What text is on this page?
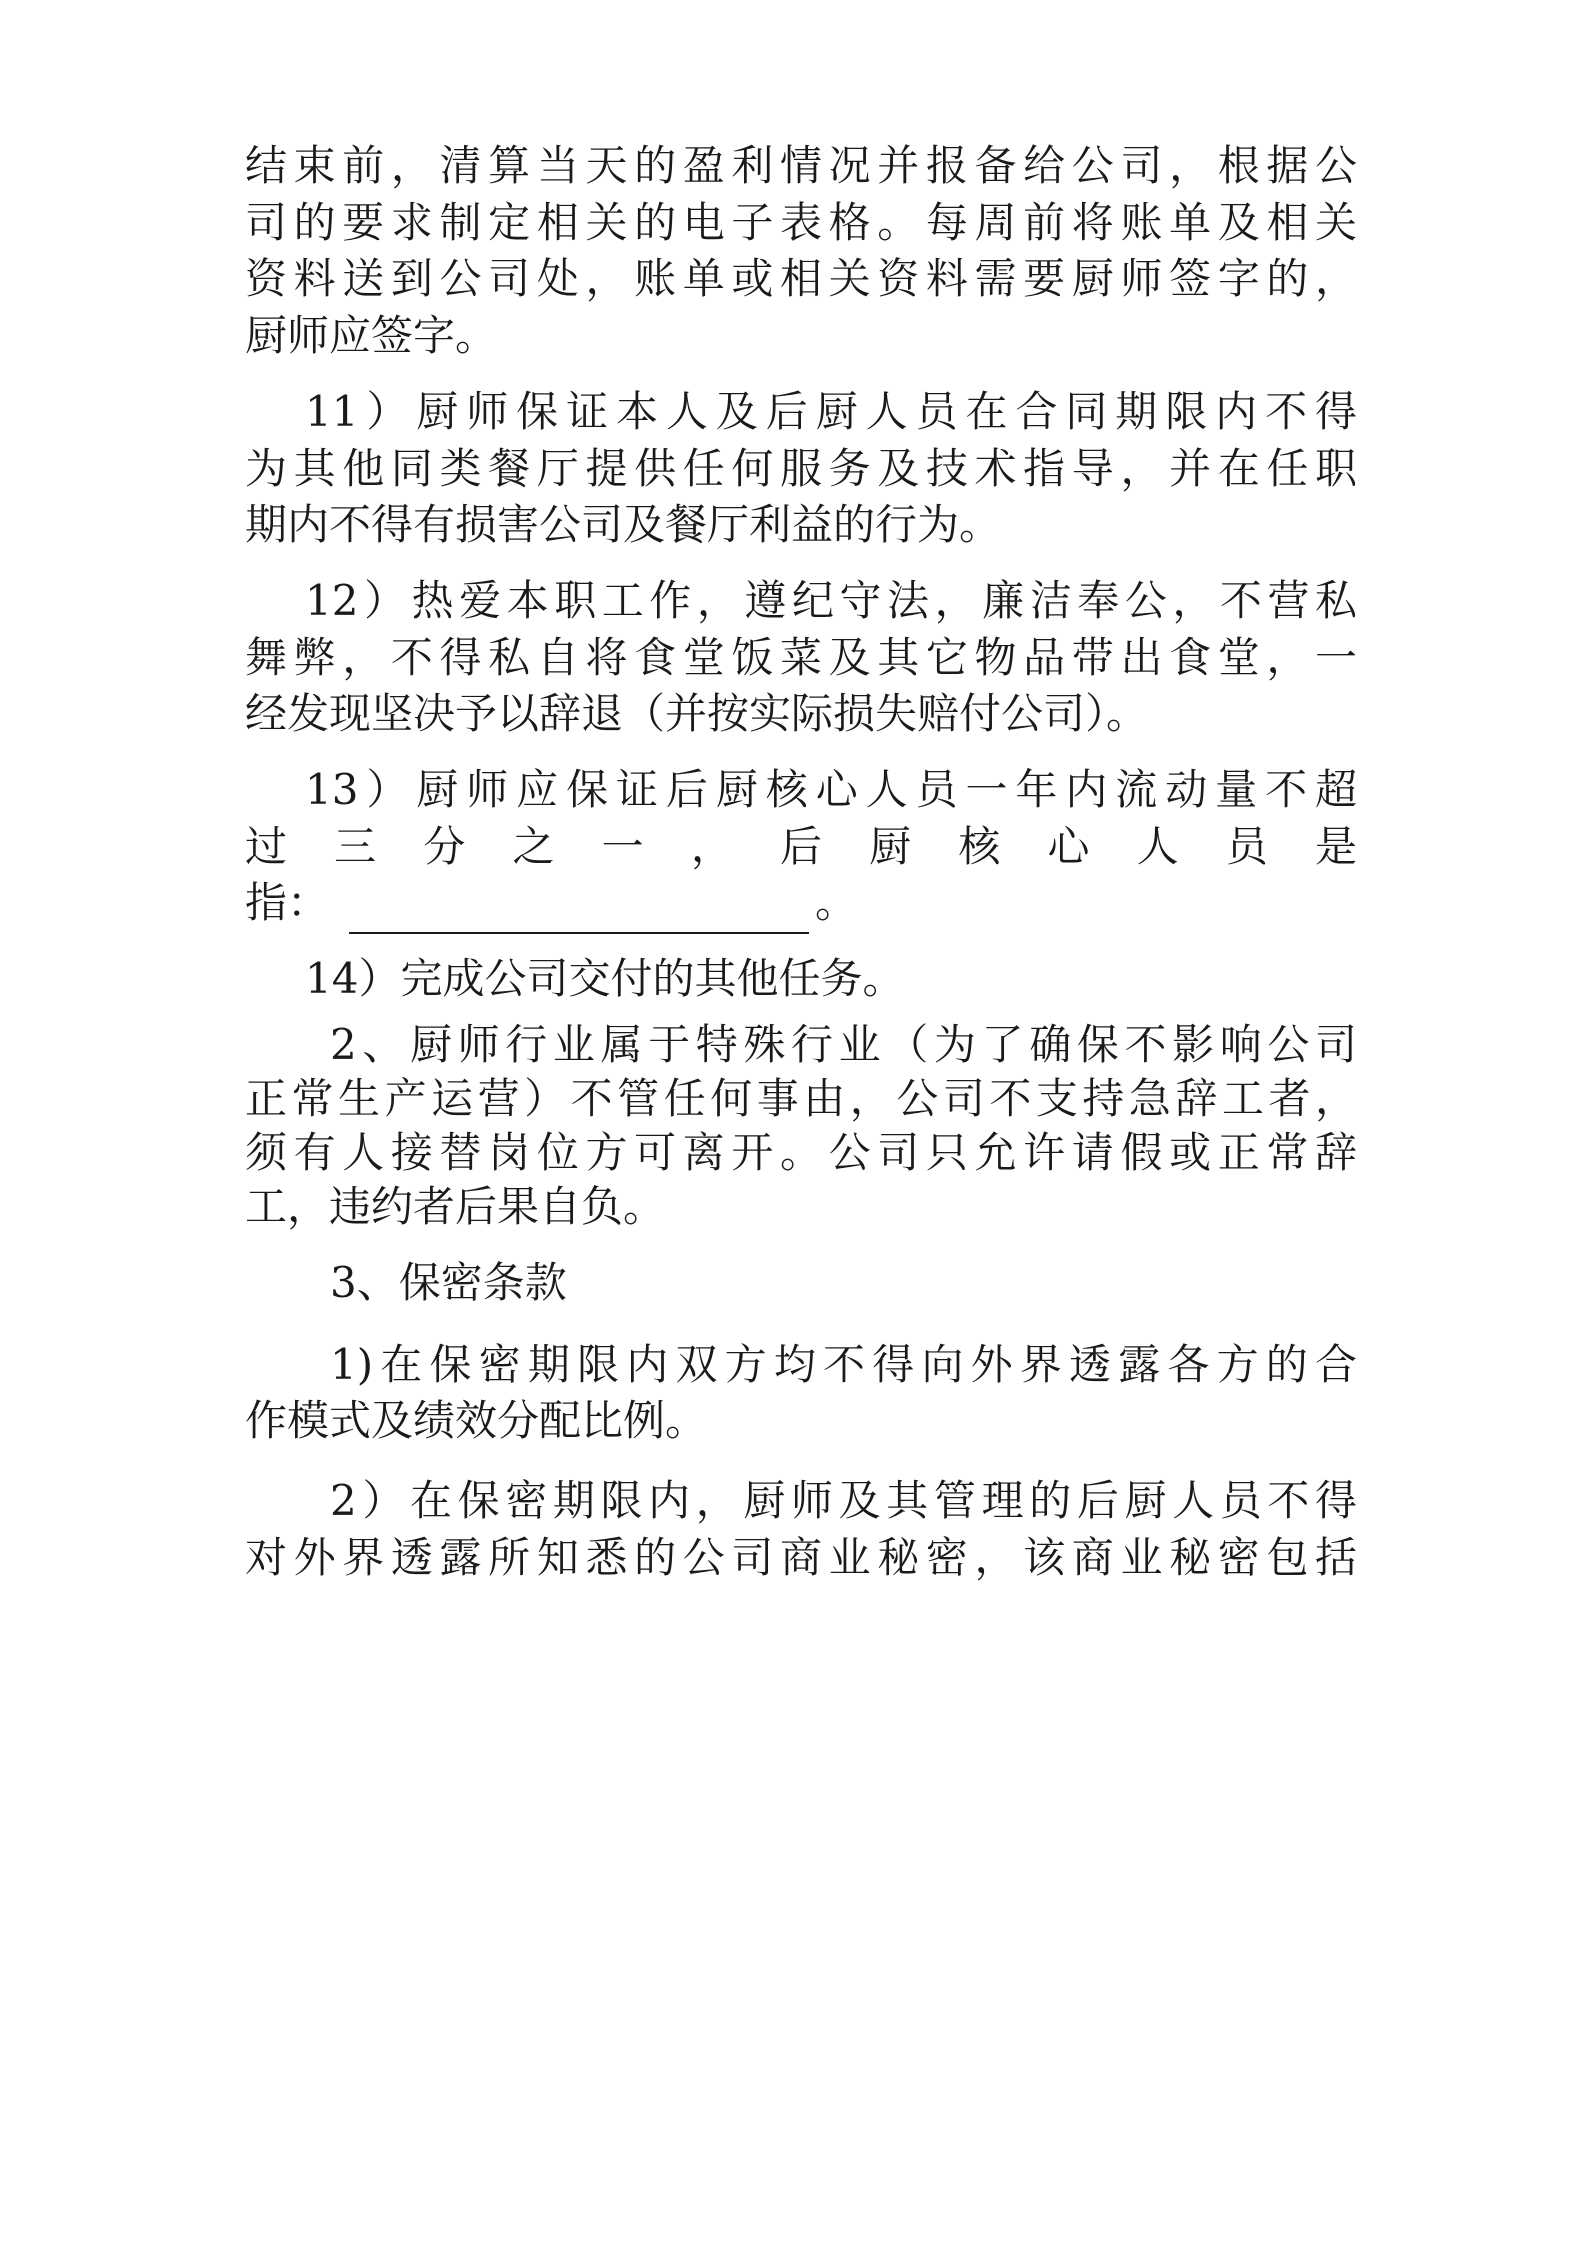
结束前，清算当天的盈利情况并报备给公司，根据公
司的要求制定相关的电子表格。每周前将账单及相关
资料送到公司处，账单或相关资料需要厨师签字的，
厨师应签字。
11）厨师保证本人及后厨人员在合同期限内不得
为其他同类餐厅提供任何服务及技术指导，并在任职
期内不得有损害公司及餐厅利益的行为。
12）热爱本职工作，遵纪守法，廉洁奉公，不营私
舞弊，不得私自将食堂饭菜及其它物品带出食堂，一
经发现坚决予以辞退（并按实际损失赔付公司）。
13）厨师应保证后厨核心人员一年内流动量不超
过 三 分 之 一 ， 后 厨 核 心 人 员 是
指：	。
14）完成公司交付的其他任务。
2、厨师行业属于特殊行业（为了确保不影响公司
正常生产运营）不管任何事由，公司不支持急辞工者，
须有人接替岗位方可离开。公司只允许请假或正常辞
工，违约者后果自负。
3、保密条款
1)在保密期限内双方均不得向外界透露各方的合
作模式及绩效分配比例。
2）在保密期限内，厨师及其管理的后厨人员不得
对外界透露所知悉的公司商业秘密，该商业秘密包括
